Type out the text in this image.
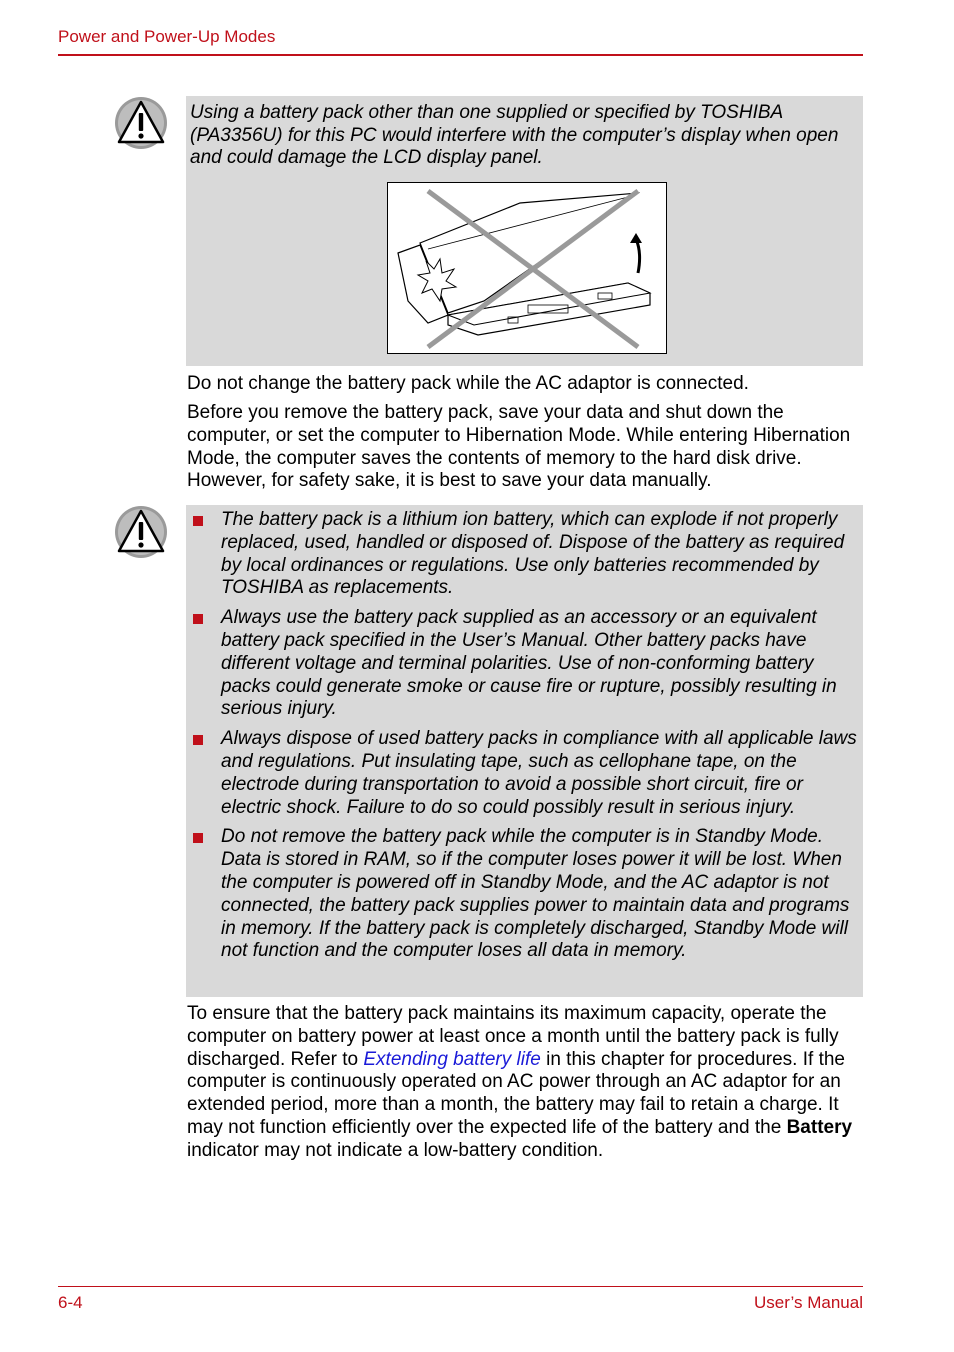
Power and Power-Up Modes

Using a battery pack other than one supplied or specified by TOSHIBA (PA3356U) for this PC would interfere with the computer’s display when open and could damage the LCD display panel.

Do not change the battery pack while the AC adaptor is connected.

Before you remove the battery pack, save your data and shut down the computer, or set the computer to Hibernation Mode. While entering Hibernation Mode, the computer saves the contents of memory to the hard disk drive. However, for safety sake, it is best to save your data manually.

The battery pack is a lithium ion battery, which can explode if not properly replaced, used, handled or disposed of. Dispose of the battery as required by local ordinances or regulations. Use only batteries recommended by TOSHIBA as replacements.
Always use the battery pack supplied as an accessory or an equivalent battery pack specified in the User’s Manual. Other battery packs have different voltage and terminal polarities. Use of non-conforming battery packs could generate smoke or cause fire or rupture, possibly resulting in serious injury.
Always dispose of used battery packs in compliance with all applicable laws and regulations. Put insulating tape, such as cellophane tape, on the electrode during transportation to avoid a possible short circuit, fire or electric shock. Failure to do so could possibly result in serious injury.
Do not remove the battery pack while the computer is in Standby Mode. Data is stored in RAM, so if the computer loses power it will be lost. When the computer is powered off in Standby Mode, and the AC adaptor is not connected, the battery pack supplies power to maintain data and programs in memory. If the battery pack is completely discharged, Standby Mode will not function and the computer loses all data in memory.

To ensure that the battery pack maintains its maximum capacity, operate the computer on battery power at least once a month until the battery pack is fully discharged. Refer to Extending battery life in this chapter for procedures. If the computer is continuously operated on AC power through an AC adaptor for an extended period, more than a month, the battery may fail to retain a charge. It may not function efficiently over the expected life of the battery and the Battery indicator may not indicate a low-battery condition.

6-4	User’s Manual
